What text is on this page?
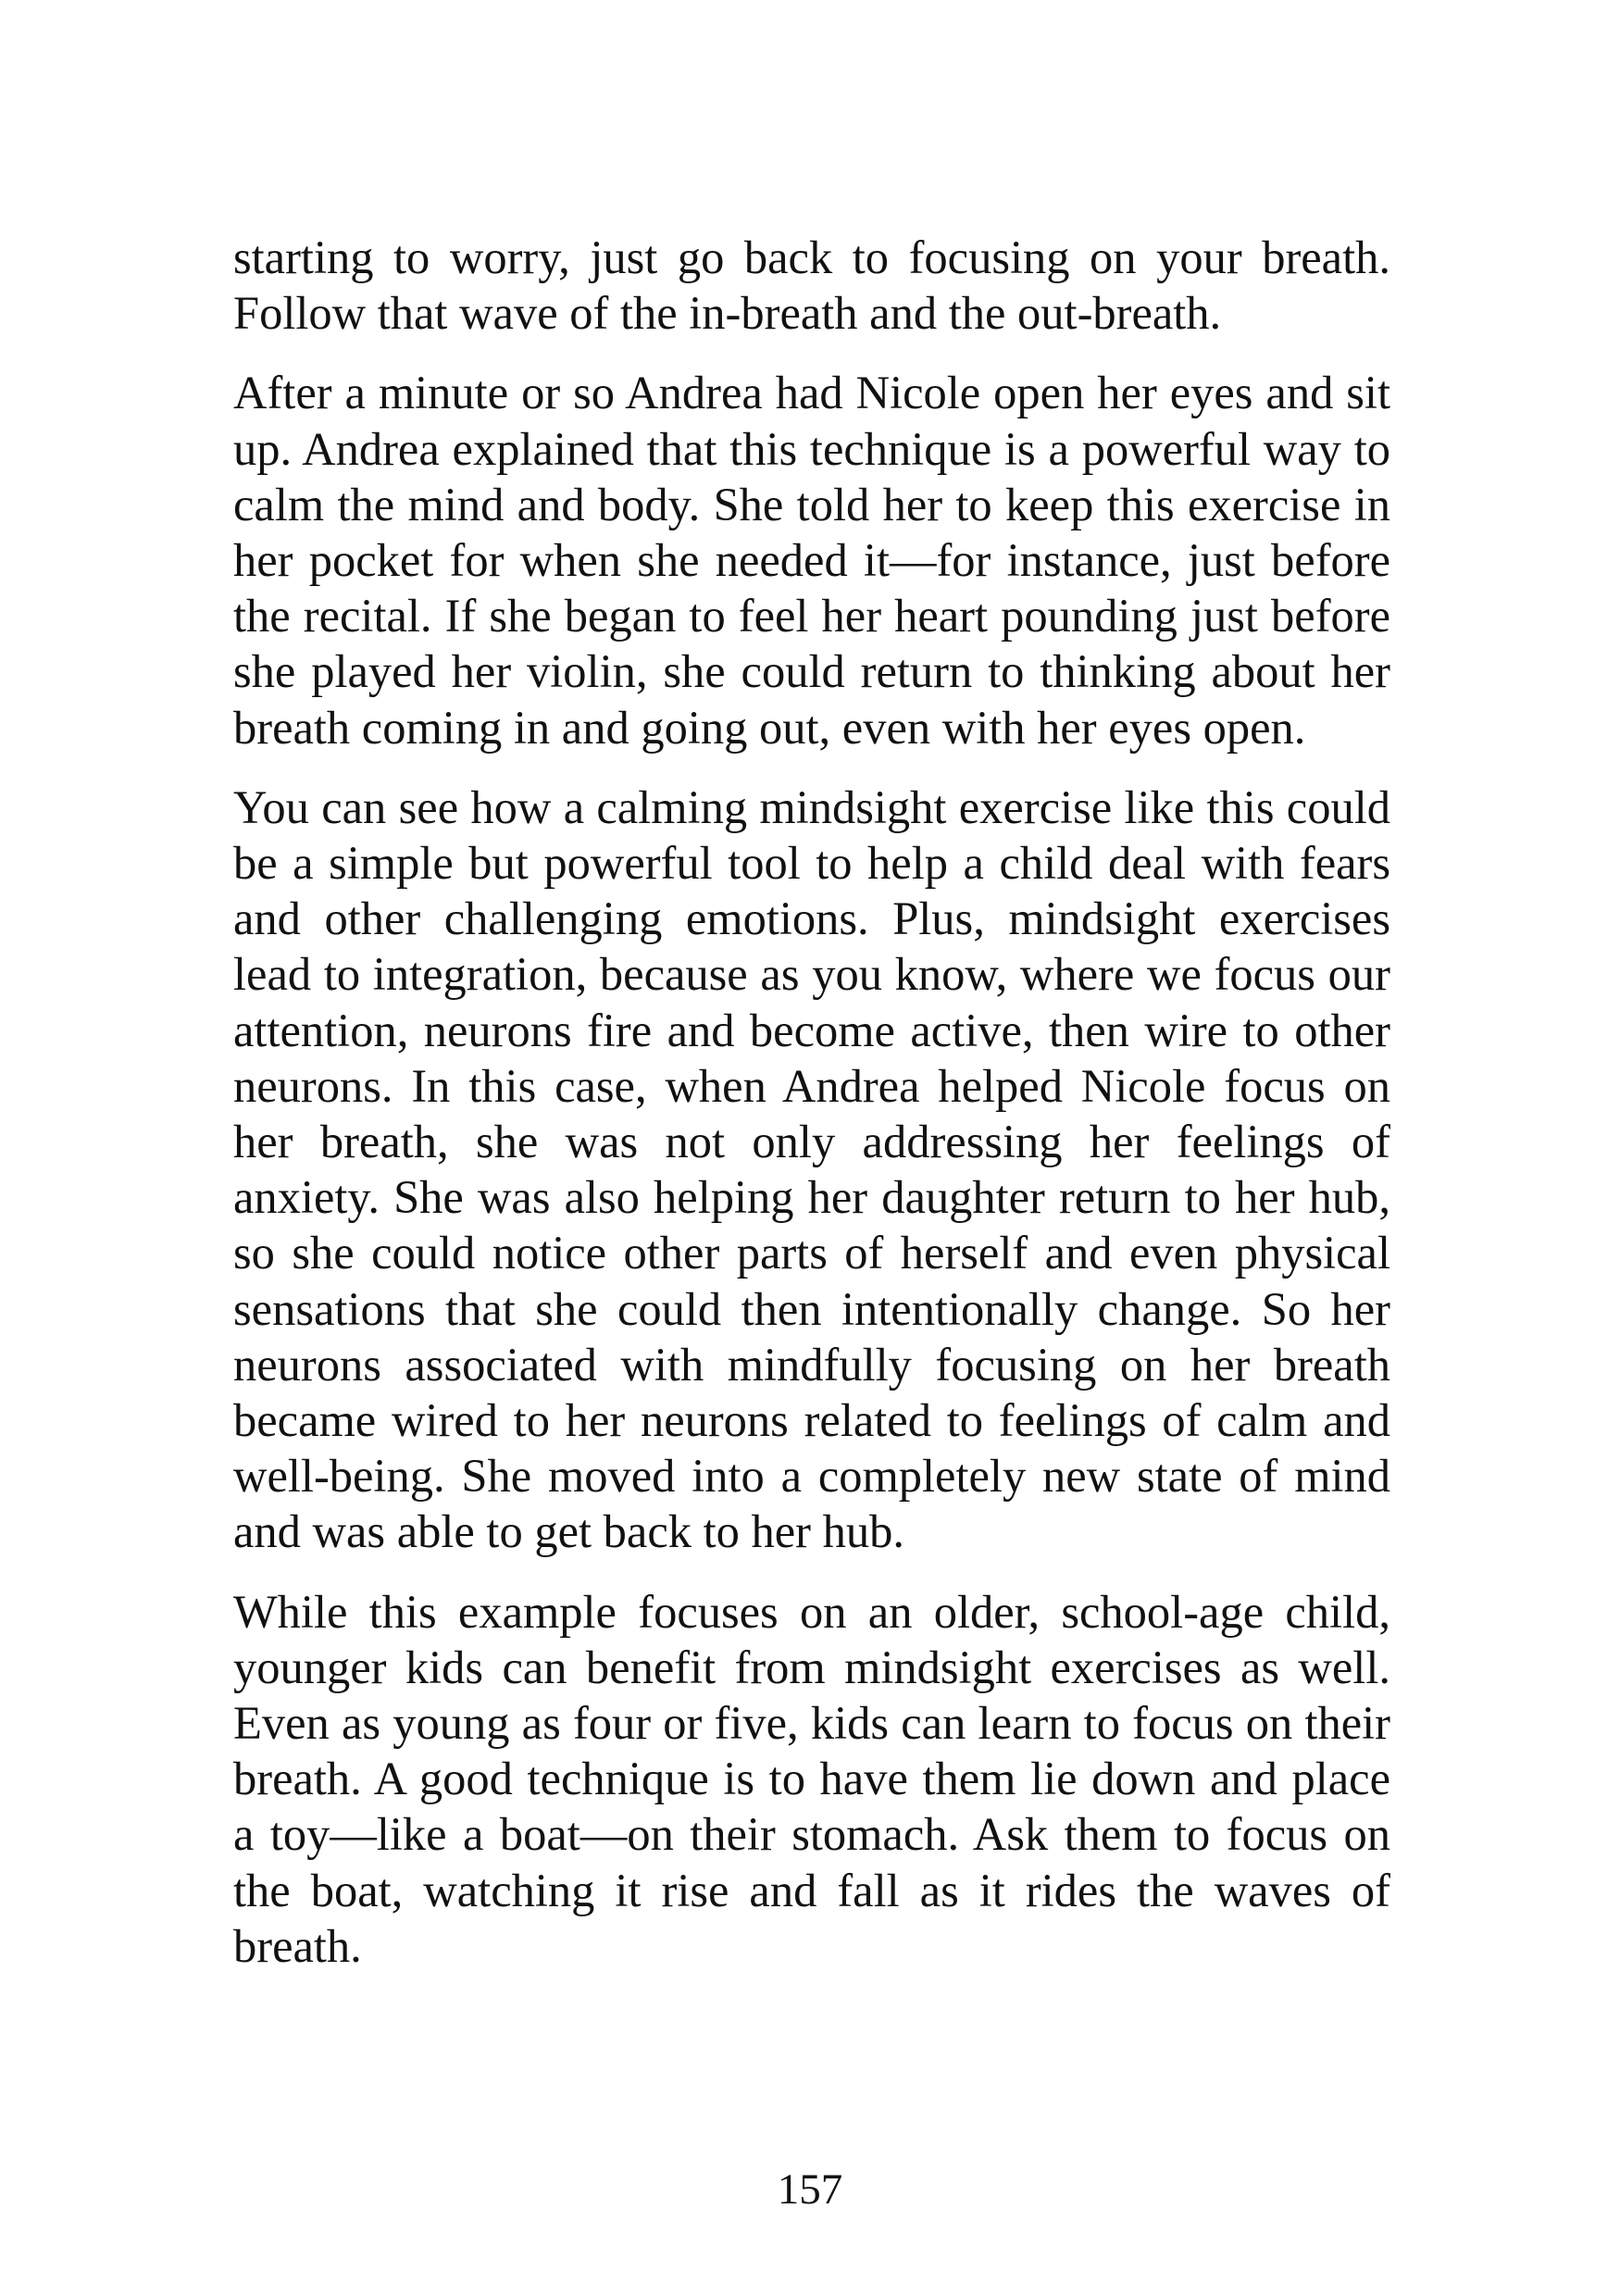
starting to worry, just go back to focusing on your breath. Follow that wave of the in-breath and the out-breath.

After a minute or so Andrea had Nicole open her eyes and sit up. Andrea explained that this technique is a powerful way to calm the mind and body. She told her to keep this exercise in her pocket for when she needed it—for instance, just before the recital. If she began to feel her heart pounding just before she played her violin, she could return to thinking about her breath coming in and going out, even with her eyes open.

You can see how a calming mindsight exercise like this could be a simple but powerful tool to help a child deal with fears and other challenging emotions. Plus, mindsight exercises lead to integration, because as you know, where we focus our attention, neurons fire and become active, then wire to other neurons. In this case, when Andrea helped Nicole focus on her breath, she was not only addressing her feelings of anxiety. She was also helping her daughter return to her hub, so she could notice other parts of herself and even physical sensations that she could then intentionally change. So her neurons associated with mindfully focusing on her breath became wired to her neurons related to feelings of calm and well-being. She moved into a completely new state of mind and was able to get back to her hub.

While this example focuses on an older, school-age child, younger kids can benefit from mindsight exercises as well. Even as young as four or five, kids can learn to focus on their breath. A good technique is to have them lie down and place a toy—like a boat—on their stomach. Ask them to focus on the boat, watching it rise and fall as it rides the waves of breath.

157
